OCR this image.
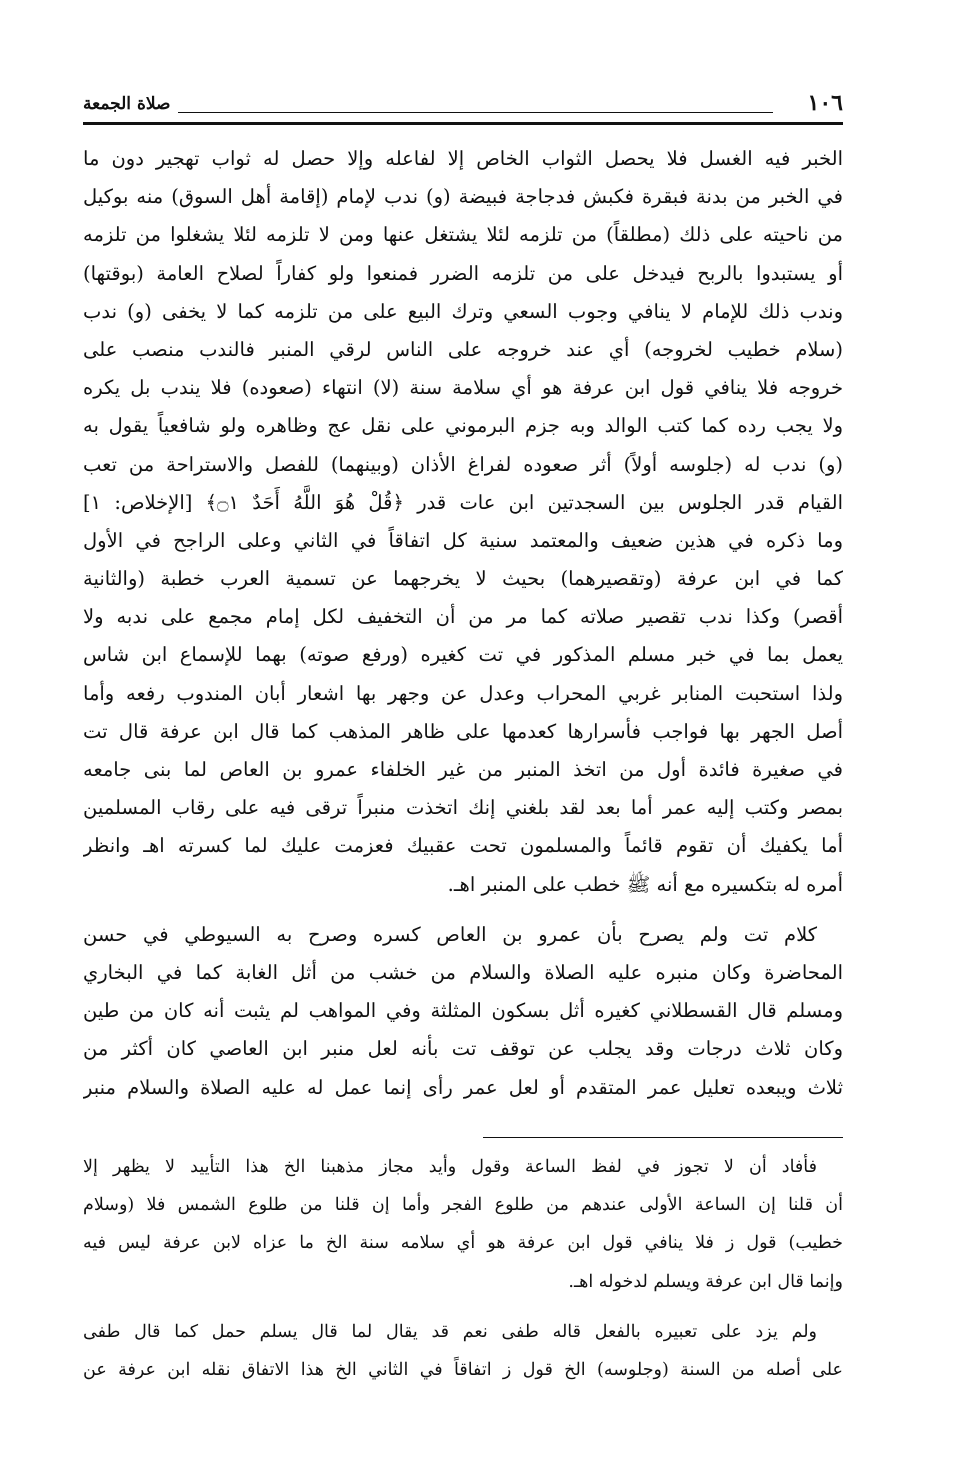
١٠٦
صلاة الجمعة
الخبر فيه الغسل فلا يحصل الثواب الخاص إلا لفاعله وإلا حصل له ثواب تهجير دون ما
في الخبر من بدنة فبقرة فكبش فدجاجة فبيضة (و) ندب لإمام (إقامة أهل السوق) منه بوكيل
من ناحيته على ذلك (مطلقاً) من تلزمه لئلا يشتغل عنها ومن لا تلزمه لئلا يشغلوا من تلزمه
أو يستبدوا بالربح فيدخل على من تلزمه الضرر فمنعوا ولو كفاراً لصلاح العامة (بوقتها)
وندب ذلك للإمام لا ينافي وجوب السعي وترك البيع على من تلزمه كما لا يخفى (و) ندب
(سلام خطيب لخروجه) أي عند خروجه على الناس لرقي المنبر فالندب منصب على
خروجه فلا ينافي قول ابن عرفة هو أي سلامة سنة (لا) انتهاء (صعوده) فلا يندب بل يكره
ولا يجب رده كما كتب الوالد وبه جزم البرموني على نقل عج وظاهره ولو شافعياً يقول به
(و) ندب له (جلوسه أولاً) أثر صعوده لفراغ الأذان (وبينهما) للفصل والاستراحة من تعب
القيام قدر الجلوس بين السجدتين ابن عات قدر ﴿قُلْ هُوَ اللَّهُ أَحَدٌ ۝١﴾ [الإخلاص: ١]
وما ذكره في هذين ضعيف والمعتمد سنية كل اتفاقاً في الثاني وعلى الراجح في الأول
كما في ابن عرفة (وتقصيرهما) بحيث لا يخرجهما عن تسمية العرب خطبة (والثانية
أقصر) وكذا ندب تقصير صلاته كما مر من أن التخفيف لكل إمام مجمع على ندبه ولا
يعمل بما في خبر مسلم المذكور في تت كغيره (ورفع صوته) بهما للإسماع ابن شاس
ولذا استحبت المنابر غربي المحراب وعدل عن وجهر بها اشعار أبان المندوب رفعه وأما
أصل الجهر بها فواجب فأسرارها كعدمها على ظاهر المذهب كما قال ابن عرفة قال تت
في صغيرة فائدة أول من اتخذ المنبر من غير الخلفاء عمرو بن العاص لما بنى جامعه
بمصر وكتب إليه عمر أما بعد لقد بلغني إنك اتخذت منبراً ترقى فيه على رقاب المسلمين
أما يكفيك أن تقوم قائماً والمسلمون تحت عقبيك فعزمت عليك لما كسرته اهـ وانظر
أمره له بتكسيره مع أنه ﷺ خطب على المنبر اهـ.
كلام تت ولم يصرح بأن عمرو بن العاص كسره وصرح به السيوطي في حسن
المحاضرة وكان منبره عليه الصلاة والسلام من خشب من أثل الغابة كما في البخاري
ومسلم قال القسطلاني كغيره أثل بسكون المثلثة وفي المواهب لم يثبت أنه كان من طين
وكان ثلاث درجات وقد يجلب عن توقف تت بأنه لعل منبر ابن العاصي كان أكثر من
ثلاث ويبعده تعليل عمر المتقدم أو لعل عمر رأى إنما عمل له عليه الصلاة والسلام منبر
فأفاد أن لا تجوز في لفظ الساعة وقول وأيد مجاز مذهبنا الخ هذا التأييد لا يظهر إلا
أن قلنا إن الساعة الأولى عندهم من طلوع الفجر وأما إن قلنا من طلوع الشمس فلا (وسلام
خطيب) قول ز فلا ينافي قول ابن عرفة هو أي سلامه سنة الخ ما عزاه لابن عرفة ليس فيه
وإنما قال ابن عرفة ويسلم لدخوله اهـ.
ولم يزد على تعبيره بالفعل قاله طفى نعم قد يقال لما قال يسلم حمل كما قال طفى
على أصله من السنة (وجلوسه) الخ قول ز اتفاقاً في الثاني الخ هذا الاتفاق نقله ابن عرفة عن
